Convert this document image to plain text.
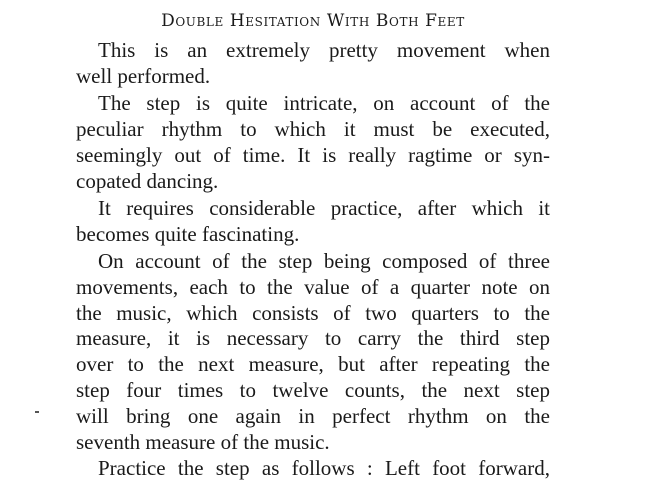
Double Hesitation With Both Feet
This is an extremely pretty movement when
well performed.
The step is quite intricate, on account of the
peculiar rhythm to which it must be executed,
seemingly out of time. It is really ragtime or syn-
copated dancing.
It requires considerable practice, after which it
becomes quite fascinating.
On account of the step being composed of three
movements, each to the value of a quarter note on
the music, which consists of two quarters to the
measure, it is necessary to carry the third step
over to the next measure, but after repeating the
step four times to twelve counts, the next step
will bring one again in perfect rhythm on the
seventh measure of the music.
Practice the step as follows : Left foot forward,
